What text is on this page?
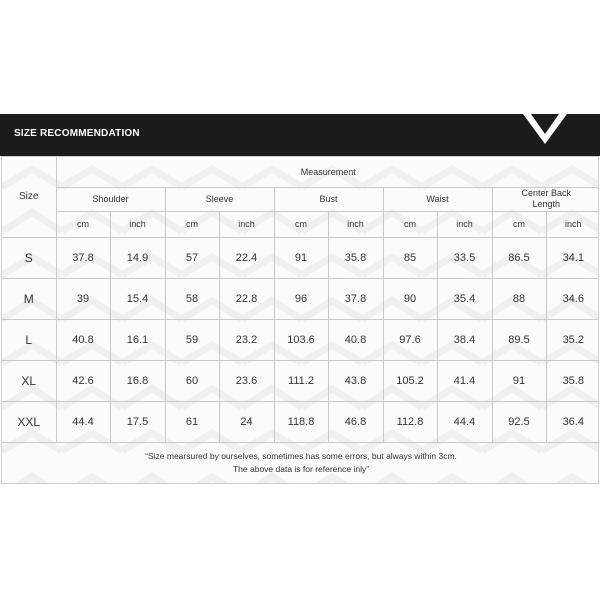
SIZE RECOMMENDATION
Size	Measurement									
	Shoulder		Sleeve		Bust		Waist		Center Back Length	
	cm	inch	cm	inch	cm	inch	cm	inch	cm	inch
S	37.8	14.9	57	22.4	91	35.8	85	33.5	86.5	34.1
M	39	15.4	58	22.8	96	37.8	90	35.4	88	34.6
L	40.8	16.1	59	23.2	103.6	40.8	97.6	38.4	89.5	35.2
XL	42.6	16.8	60	23.6	111.2	43.8	105.2	41.4	91	35.8
XXL	44.4	17.5	61	24	118.8	46.8	112.8	44.4	92.5	36.4

“Size mearsured by ourselves, sometimes has some errors, but always within 3cm.
The above data is for reference inly”										
